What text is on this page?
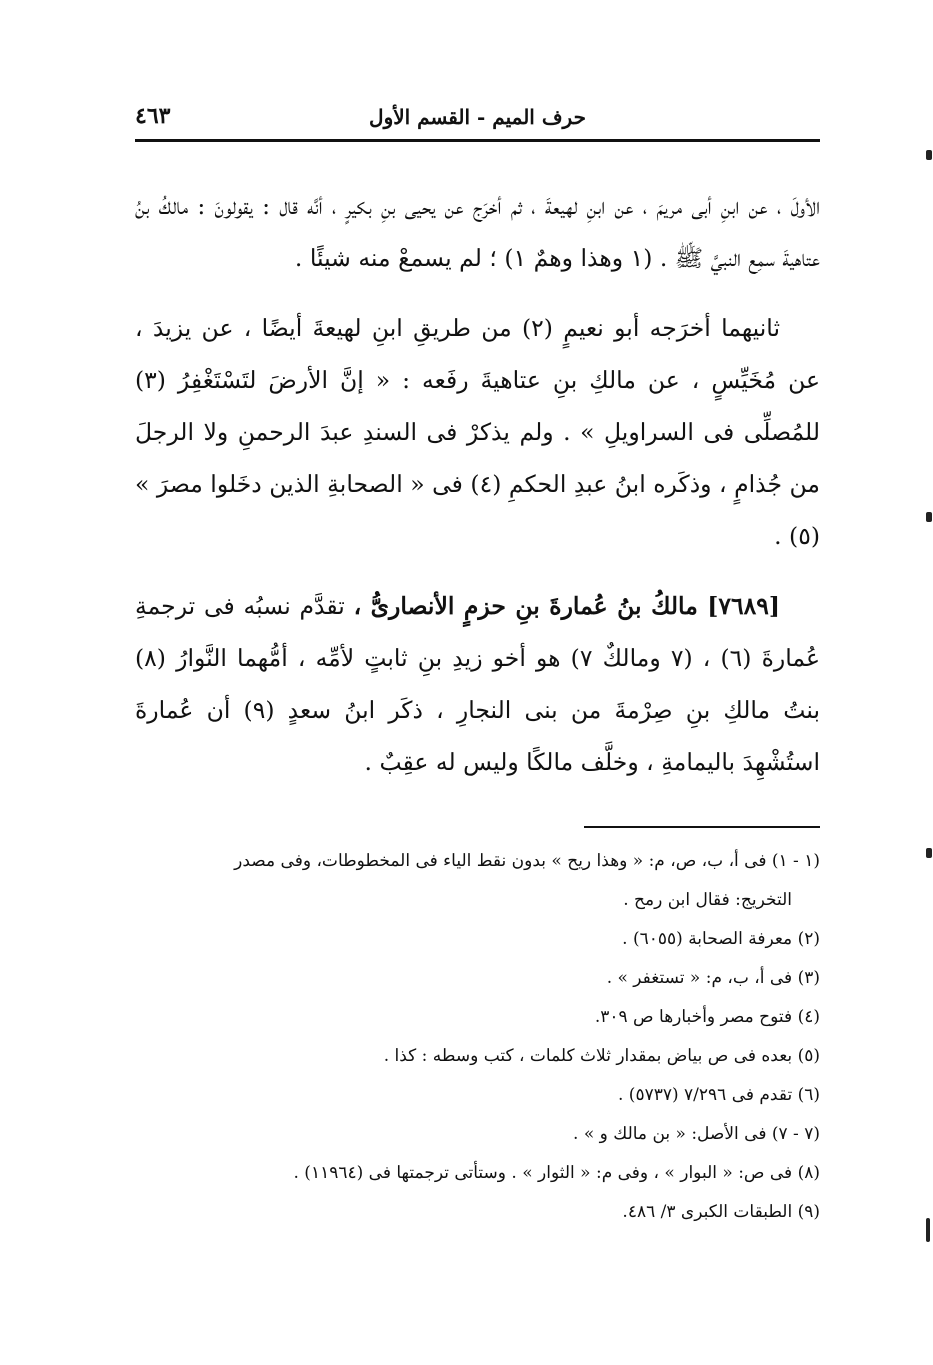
حرف الميم - القسم الأول
٤٦٣

الأولَ ، عن ابنِ أبى مريمَ ، عن ابنِ لهيعةَ ، ثم أخرَج عن يحيى بنِ بكيرٍ ، أنَّه قال : يقولونَ : مالكُ بنُ عتاهيةَ سمِع النبيَّ ﷺ . (١ وهذا وهمٌ ١) ؛ لم يسمعْ منه شيئًا .

ثانيهما أخرَجه أبو نعيمٍ (٢) من طريقِ ابنِ لهيعةَ أيضًا ، عن يزيدَ ، عن مُخَيِّسٍ ، عن مالكِ بنِ عتاهيةَ رفَعه : « إنَّ الأرضَ لتَسْتَغْفِرُ (٣) للمُصلِّى فى السراويلِ » . ولم يذكرْ فى السندِ عبدَ الرحمنِ ولا الرجلَ من جُذامٍ ، وذكَره ابنُ عبدِ الحكمِ (٤) فى « الصحابةِ الذين دخَلوا مصرَ » (٥) .

[٧٦٨٩] مالكُ بنُ عُمارةَ بنِ حزمٍ الأنصارىُّ ، تقدَّم نسبُه فى ترجمةِ عُمارةَ (٦) ، (٧ ومالكٌ ٧) هو أخو زيدِ بنِ ثابتٍ لأمِّه ، أمُّهما النَّوارُ (٨) بنتُ مالكِ بنِ صِرْمةَ من بنى النجارِ ، ذكَر ابنُ سعدٍ (٩) أن عُمارةَ استُشْهِدَ باليمامةِ ، وخلَّف مالكًا وليس له عقِبٌ .

(١ - ١) فى أ، ب، ص، م: « وهذا ريح » بدون نقط الياء فى المخطوطات، وفى مصدر

التخريج: فقال ابن رمح .

(٢) معرفة الصحابة (٦٠٥٥) .

(٣) فى أ، ب، م: « تستغفر » .

(٤) فتوح مصر وأخبارها ص ٣٠٩.

(٥) بعده فى ص بياض بمقدار ثلاث كلمات ، كتب وسطه : كذا .

(٦) تقدم فى ٧/٢٩٦ (٥٧٣٧) .

(٧ - ٧) فى الأصل: « بن مالك و » .

(٨) فى ص: « البوار » ، وفى م: « الثوار » . وستأتى ترجمتها فى (١١٩٦٤) .

(٩) الطبقات الكبرى ٣/ ٤٨٦.
